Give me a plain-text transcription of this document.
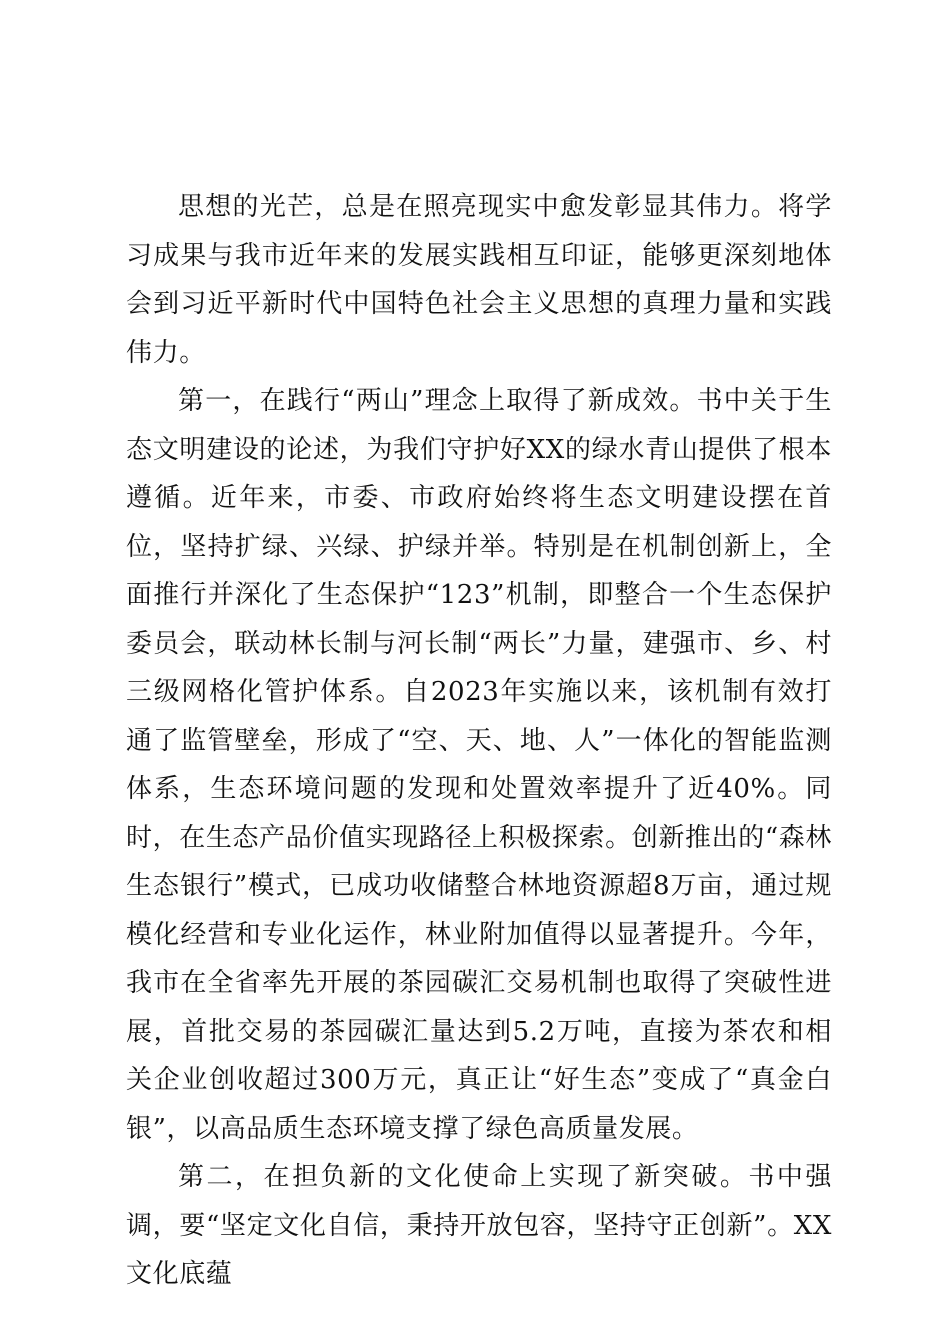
思想的光芒，总是在照亮现实中愈发彰显其伟力。将学习成果与我市近年来的发展实践相互印证，能够更深刻地体会到习近平新时代中国特色社会主义思想的真理力量和实践伟力。

第一，在践行“两山”理念上取得了新成效。书中关于生态文明建设的论述，为我们守护好XX的绿水青山提供了根本遵循。近年来，市委、市政府始终将生态文明建设摆在首位，坚持扩绿、兴绿、护绿并举。特别是在机制创新上，全面推行并深化了生态保护“123”机制，即整合一个生态保护委员会，联动林长制与河长制“两长”力量，建强市、乡、村三级网格化管护体系。自2023年实施以来，该机制有效打通了监管壁垒，形成了“空、天、地、人”一体化的智能监测体系，生态环境问题的发现和处置效率提升了近40%。同时，在生态产品价值实现路径上积极探索。创新推出的“森林生态银行”模式，已成功收储整合林地资源超8万亩，通过规模化经营和专业化运作，林业附加值得以显著提升。今年，我市在全省率先开展的茶园碳汇交易机制也取得了突破性进展，首批交易的茶园碳汇量达到5.2万吨，直接为茶农和相关企业创收超过300万元，真正让“好生态”变成了“真金白银”，以高品质生态环境支撑了绿色高质量发展。

第二，在担负新的文化使命上实现了新突破。书中强调，要“坚定文化自信，秉持开放包容，坚持守正创新”。XX文化底蕴
